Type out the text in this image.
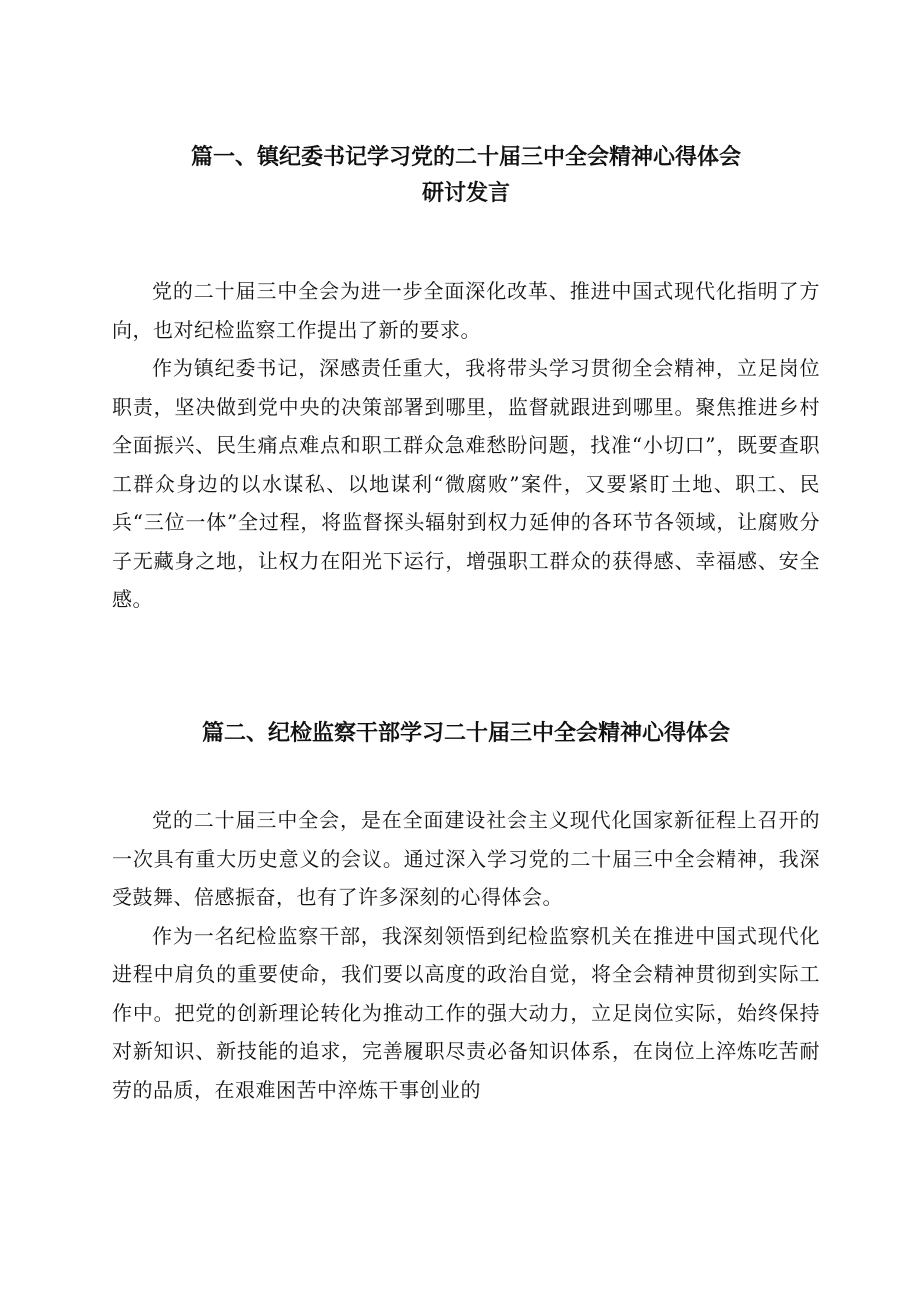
篇一、镇纪委书记学习党的二十届三中全会精神心得体会
研讨发言

党的二十届三中全会为进一步全面深化改革、推进中国式现代化指明了方向，也对纪检监察工作提出了新的要求。

作为镇纪委书记，深感责任重大，我将带头学习贯彻全会精神，立足岗位职责，坚决做到党中央的决策部署到哪里，监督就跟进到哪里。聚焦推进乡村全面振兴、民生痛点难点和职工群众急难愁盼问题，找准“小切口”，既要查职工群众身边的以水谋私、以地谋利“微腐败”案件，又要紧盯土地、职工、民兵“三位一体”全过程，将监督探头辐射到权力延伸的各环节各领域，让腐败分子无藏身之地，让权力在阳光下运行，增强职工群众的获得感、幸福感、安全感。

篇二、纪检监察干部学习二十届三中全会精神心得体会

党的二十届三中全会，是在全面建设社会主义现代化国家新征程上召开的一次具有重大历史意义的会议。通过深入学习党的二十届三中全会精神，我深受鼓舞、倍感振奋，也有了许多深刻的心得体会。

作为一名纪检监察干部，我深刻领悟到纪检监察机关在推进中国式现代化进程中肩负的重要使命，我们要以高度的政治自觉，将全会精神贯彻到实际工作中。把党的创新理论转化为推动工作的强大动力，立足岗位实际，始终保持对新知识、新技能的追求，完善履职尽责必备知识体系，在岗位上淬炼吃苦耐劳的品质，在艰难困苦中淬炼干事创业的
